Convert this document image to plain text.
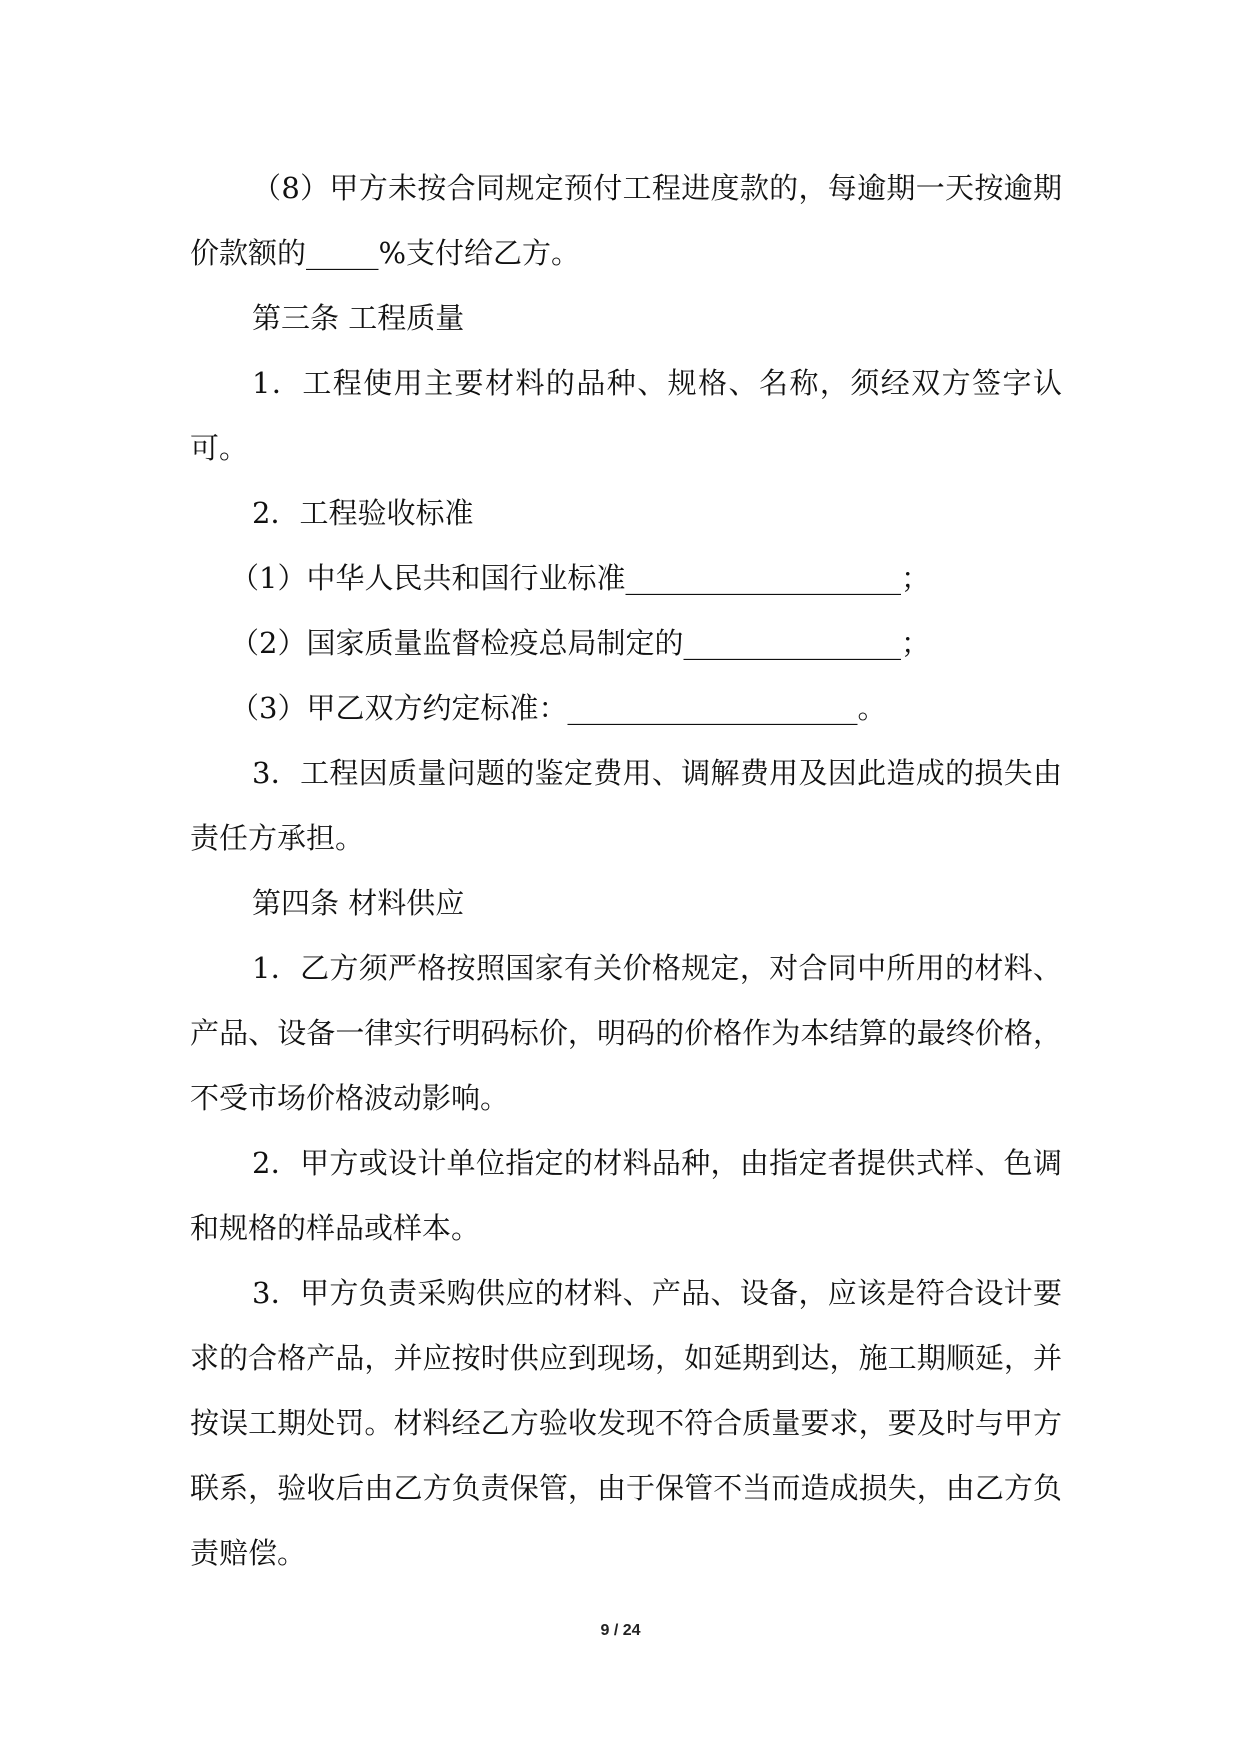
（8）甲方未按合同规定预付工程进度款的，每逾期一天按逾期价款额的_____%支付给乙方。

第三条 工程质量

1．工程使用主要材料的品种、规格、名称，须经双方签字认可。

2．工程验收标准

（1）中华人民共和国行业标准___________________；

（2）国家质量监督检疫总局制定的_______________；

（3）甲乙双方约定标准：____________________。

3．工程因质量问题的鉴定费用、调解费用及因此造成的损失由责任方承担。

第四条 材料供应

1．乙方须严格按照国家有关价格规定，对合同中所用的材料、产品、设备一律实行明码标价，明码的价格作为本结算的最终价格，不受市场价格波动影响。

2．甲方或设计单位指定的材料品种，由指定者提供式样、色调和规格的样品或样本。

3．甲方负责采购供应的材料、产品、设备，应该是符合设计要求的合格产品，并应按时供应到现场，如延期到达，施工期顺延，并按误工期处罚。材料经乙方验收发现不符合质量要求，要及时与甲方联系，验收后由乙方负责保管，由于保管不当而造成损失，由乙方负责赔偿。

9 / 24
